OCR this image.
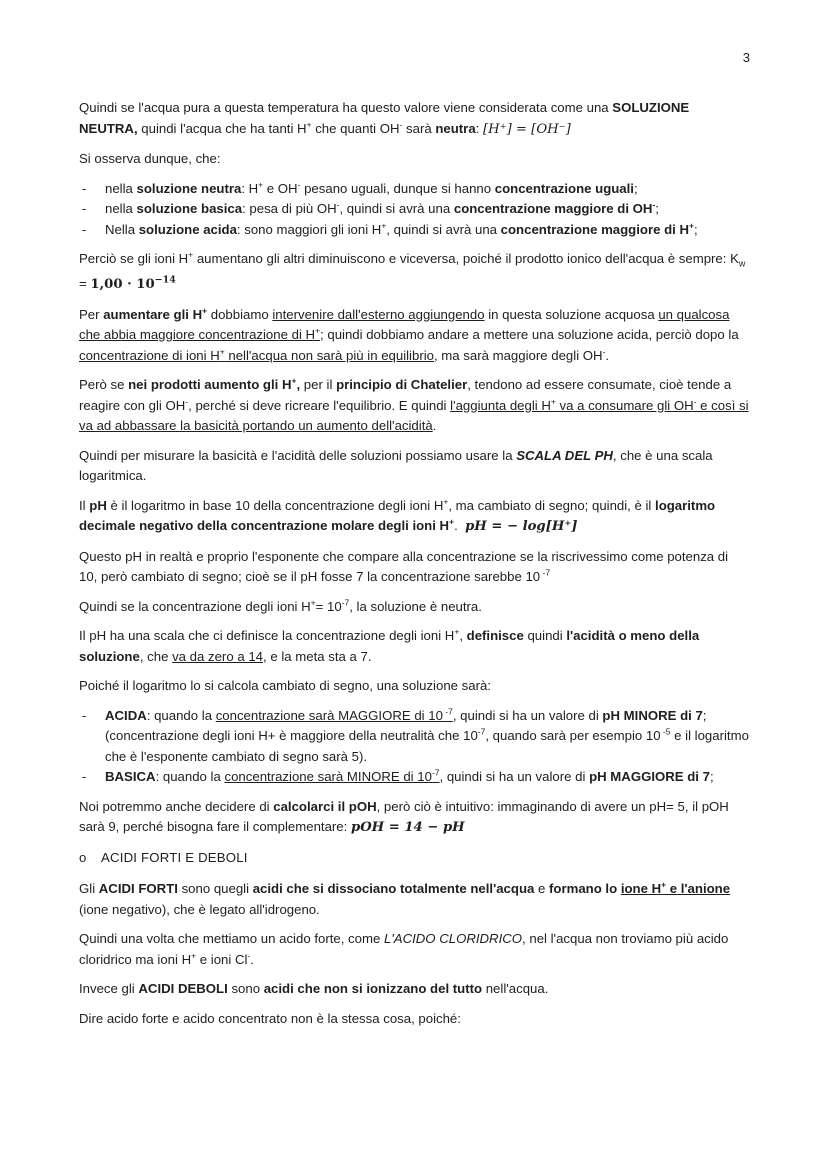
3

Quindi se l'acqua pura a questa temperatura ha questo valore viene considerata come una SOLUZIONE NEUTRA, quindi l'acqua che ha tanti H+ che quanti OH- sarà neutra: [H⁺] = [OH⁻]

Si osserva dunque, che:

- nella soluzione neutra: H+ e OH- pesano uguali, dunque si hanno concentrazione uguali;
- nella soluzione basica: pesa di più OH-, quindi si avrà una concentrazione maggiore di OH-;
- Nella soluzione acida: sono maggiori gli ioni H+, quindi si avrà una concentrazione maggiore di H+;

Perciò se gli ioni H+ aumentano gli altri diminuiscono e viceversa, poiché il prodotto ionico dell'acqua è sempre: $K_w = 1,00 \cdot 10^{-14}$

Per aumentare gli H+ dobbiamo intervenire dall'esterno aggiungendo in questa soluzione acquosa un qualcosa che abbia maggiore concentrazione di H+; quindi dobbiamo andare a mettere una soluzione acida, perciò dopo la concentrazione di ioni H+ nell'acqua non sarà più in equilibrio, ma sarà maggiore degli OH-.

Però se nei prodotti aumento gli H+, per il principio di Chatelier, tendono ad essere consumate, cioè tende a reagire con gli OH-, perché si deve ricreare l'equilibrio. E quindi l'aggiunta degli H+ va a consumare gli OH- e così si va ad abbassare la basicità portando un aumento dell'acidità.

Quindi per misurare la basicità e l'acidità delle soluzioni possiamo usare la SCALA DEL PH, che è una scala logaritmica.

Il pH è il logaritmo in base 10 della concentrazione degli ioni H+, ma cambiato di segno; quindi, è il logaritmo decimale negativo della concentrazione molare degli ioni H+. pH = − log[H⁺]

Questo pH in realtà e proprio l'esponente che compare alla concentrazione se la riscrivessimo come potenza di 10, però cambiato di segno; cioè se il pH fosse 7 la concentrazione sarebbe 10 $^{-7}$

Quindi se la concentrazione degli ioni $H^+= 10^{-7}$, la soluzione è neutra.

Il pH ha una scala che ci definisce la concentrazione degli ioni H+, definisce quindi l'acidità o meno della soluzione, che va da zero a 14, e la meta sta a 7.

Poiché il logaritmo lo si calcola cambiato di segno, una soluzione sarà:

- ACIDA: quando la concentrazione sarà MAGGIORE di 10 $^{-7}$, quindi si ha un valore di pH MINORE di 7;
(concentrazione degli ioni H+ è maggiore della neutralità che $10^{-7}$, quando sarà per esempio 10 $^{-5}$ e il logaritmo che è l'esponente cambiato di segno sarà 5).
- BASICA: quando la concentrazione sarà MINORE di $10^{-7}$, quindi si ha un valore di pH MAGGIORE di 7;

Noi potremmo anche decidere di calcolarci il pOH, però ciò è intuitivo: immaginando di avere un pH= 5, il pOH sarà 9, perché bisogna fare il complementare: pOH = 14 − pH

o ACIDI FORTI E DEBOLI

Gli ACIDI FORTI sono quegli acidi che si dissociano totalmente nell'acqua e formano lo ione H+ e l'anione (ione negativo), che è legato all'idrogeno.

Quindi una volta che mettiamo un acido forte, come L'ACIDO CLORIDRICO, nel l'acqua non troviamo più acido cloridrico ma ioni H+ e ioni Cl-.

Invece gli ACIDI DEBOLI sono acidi che non si ionizzano del tutto nell'acqua.

Dire acido forte e acido concentrato non è la stessa cosa, poiché:
